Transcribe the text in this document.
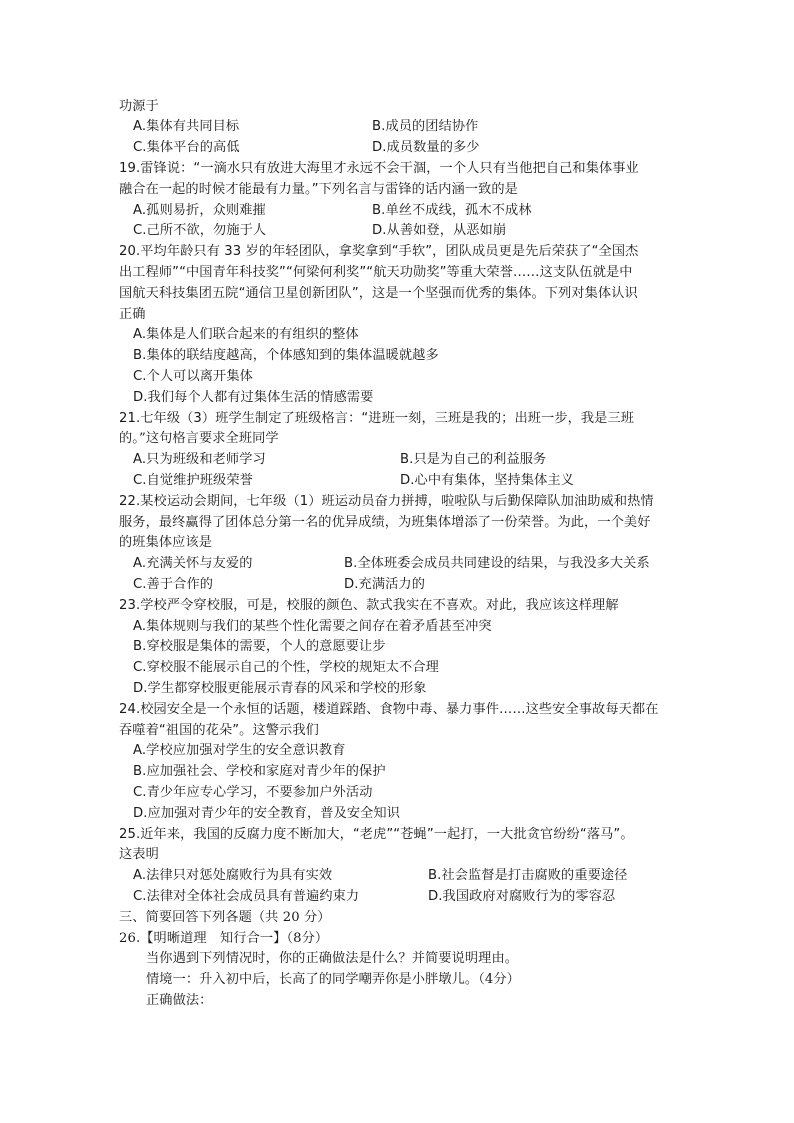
功源于
A.集体有共同目标	B.成员的团结协作
C.集体平台的高低	D.成员数量的多少
19.雷锋说：“一滴水只有放进大海里才永远不会干涸，一个人只有当他把自己和集体事业
融合在一起的时候才能最有力量。”下列名言与雷锋的话内涵一致的是
A.孤则易折，众则难摧	B.单丝不成线，孤木不成林
C.己所不欲，勿施于人	D.从善如登，从恶如崩
20.平均年龄只有 33 岁的年轻团队，拿奖拿到“手软”，团队成员更是先后荣获了“全国杰
出工程师”“中国青年科技奖”“何梁何利奖”“航天功勋奖”等重大荣誉……这支队伍就是中
国航天科技集团五院“通信卫星创新团队”，这是一个坚强而优秀的集体。下列对集体认识
正确
A.集体是人们联合起来的有组织的整体
B.集体的联结度越高，个体感知到的集体温暖就越多
C.个人可以离开集体
D.我们每个人都有过集体生活的情感需要
21.七年级（3）班学生制定了班级格言：“进班一刻，三班是我的；出班一步，我是三班
的。”这句格言要求全班同学
A.只为班级和老师学习	B.只是为自己的利益服务
C.自觉维护班级荣誉	D.心中有集体，坚持集体主义
22.某校运动会期间，七年级（1）班运动员奋力拼搏，啦啦队与后勤保障队加油助威和热情
服务，最终赢得了团体总分第一名的优异成绩，为班集体增添了一份荣誉。为此，一个美好
的班集体应该是
A.充满关怀与友爱的	B.全体班委会成员共同建设的结果，与我没多大关系
C.善于合作的	D.充满活力的
23.学校严令穿校服，可是，校服的颜色、款式我实在不喜欢。对此，我应该这样理解
A.集体规则与我们的某些个性化需要之间存在着矛盾甚至冲突
B.穿校服是集体的需要，个人的意愿要让步
C.穿校服不能展示自己的个性，学校的规矩太不合理
D.学生都穿校服更能展示青春的风采和学校的形象
24.校园安全是一个永恒的话题，楼道踩踏、食物中毒、暴力事件……这些安全事故每天都在
吞噬着“祖国的花朵”。这警示我们
A.学校应加强对学生的安全意识教育
B.应加强社会、学校和家庭对青少年的保护
C.青少年应专心学习，不要参加户外活动
D.应加强对青少年的安全教育，普及安全知识
25.近年来，我国的反腐力度不断加大，“老虎”“苍蝇”一起打，一大批贪官纷纷“落马”。
这表明
A.法律只对惩处腐败行为具有实效	B.社会监督是打击腐败的重要途径
C.法律对全体社会成员具有普遍约束力	D.我国政府对腐败行为的零容忍
三、简要回答下列各题（共 20 分）
26.【明晰道理　知行合一】（8分）
当你遇到下列情况时，你的正确做法是什么？并简要说明理由。
情境一：升入初中后，长高了的同学嘲弄你是小胖墩儿。（4分）
正确做法：
